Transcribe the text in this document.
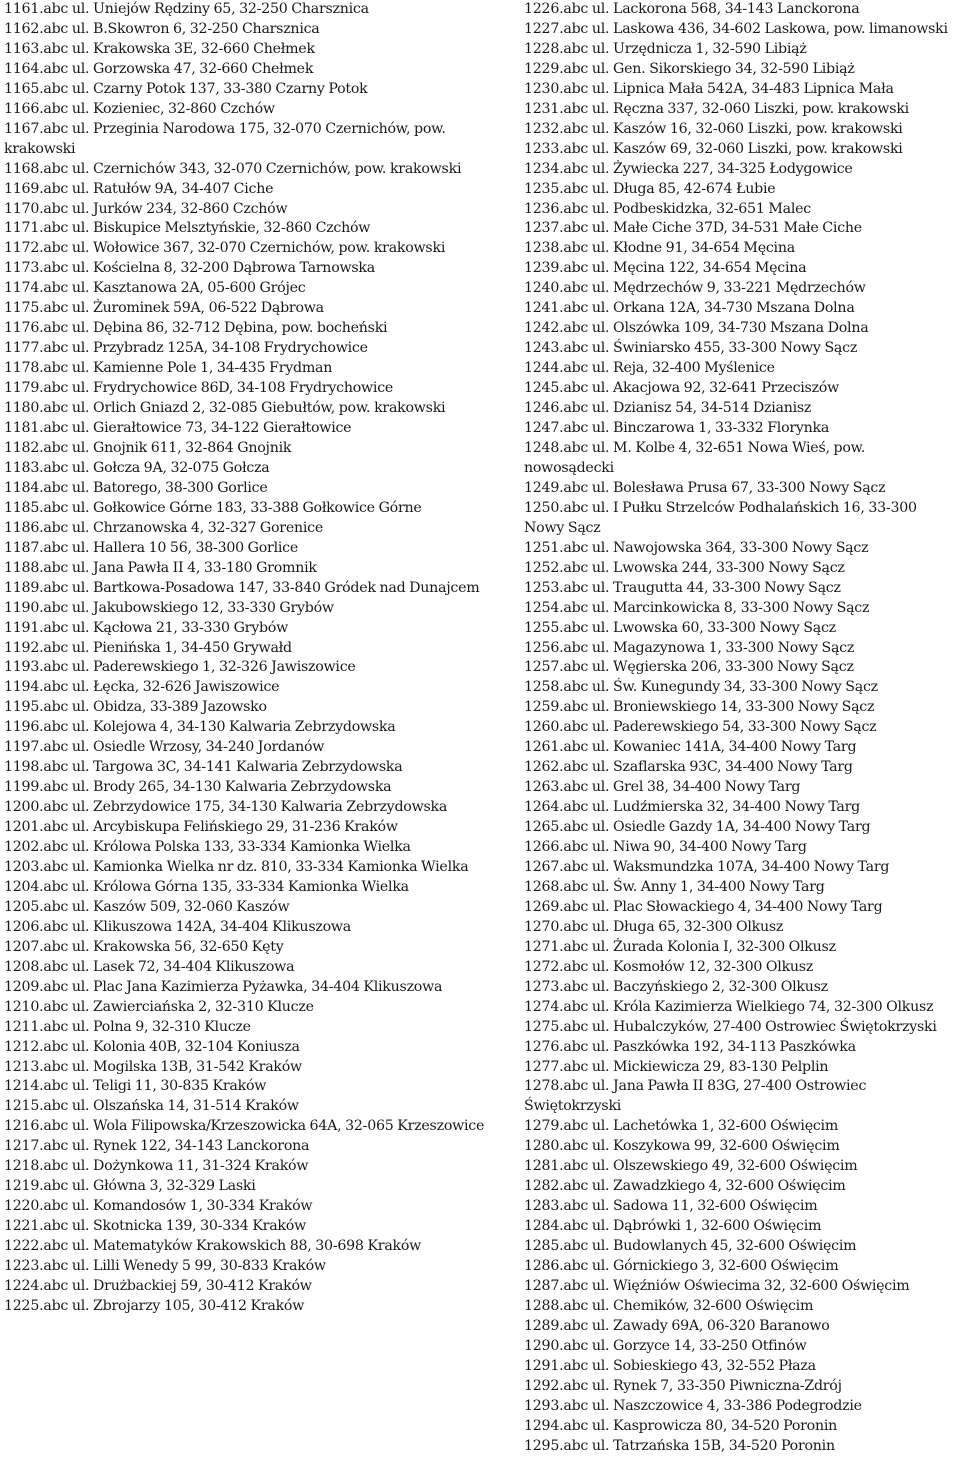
1161.abc ul. Uniejów Rędziny 65, 32-250 Charsznica
1162.abc ul. B.Skowron 6, 32-250 Charsznica
1163.abc ul. Krakowska 3E, 32-660 Chełmek
1164.abc ul. Gorzowska 47, 32-660 Chełmek
1165.abc ul. Czarny Potok 137, 33-380 Czarny Potok
1166.abc ul. Kozieniec, 32-860 Czchów
1167.abc ul. Przeginia Narodowa 175, 32-070 Czernichów, pow. krakowski
1168.abc ul. Czernichów 343, 32-070 Czernichów, pow. krakowski
1169.abc ul. Ratułów 9A, 34-407 Ciche
1170.abc ul. Jurków 234, 32-860 Czchów
1171.abc ul. Biskupice Melsztyńskie, 32-860 Czchów
1172.abc ul. Wołowice 367, 32-070 Czernichów, pow. krakowski
1173.abc ul. Kościelna 8, 32-200 Dąbrowa Tarnowska
1174.abc ul. Kasztanowa 2A, 05-600 Grójec
1175.abc ul. Żurominek 59A, 06-522 Dąbrowa
1176.abc ul. Dębina 86, 32-712 Dębina, pow. bocheński
1177.abc ul. Przybradz 125A, 34-108 Frydrychowice
1178.abc ul. Kamienne Pole 1, 34-435 Frydman
1179.abc ul. Frydrychowice 86D, 34-108 Frydrychowice
1180.abc ul. Orlich Gniazd 2, 32-085 Giebułtów, pow. krakowski
1181.abc ul. Gierałtowice 73, 34-122 Gierałtowice
1182.abc ul. Gnojnik 611, 32-864 Gnojnik
1183.abc ul. Gołcza 9A, 32-075 Gołcza
1184.abc ul. Batorego, 38-300 Gorlice
1185.abc ul. Gołkowice Górne 183, 33-388 Gołkowice Górne
1186.abc ul. Chrzanowska 4, 32-327 Gorenice
1187.abc ul. Hallera 10 56, 38-300 Gorlice
1188.abc ul. Jana Pawła II 4, 33-180 Gromnik
1189.abc ul. Bartkowa-Posadowa 147, 33-840 Gródek nad Dunajcem
1190.abc ul. Jakubowskiego 12, 33-330 Grybów
1191.abc ul. Kącłowa 21, 33-330 Grybów
1192.abc ul. Pienińska 1, 34-450 Grywałd
1193.abc ul. Paderewskiego 1, 32-326 Jawiszowice
1194.abc ul. Łęcka, 32-626 Jawiszowice
1195.abc ul. Obidza, 33-389 Jazowsko
1196.abc ul. Kolejowa 4, 34-130 Kalwaria Zebrzydowska
1197.abc ul. Osiedle Wrzosy, 34-240 Jordanów
1198.abc ul. Targowa 3C, 34-141 Kalwaria Zebrzydowska
1199.abc ul. Brody 265, 34-130 Kalwaria Zebrzydowska
1200.abc ul. Zebrzydowice 175, 34-130 Kalwaria Zebrzydowska
1201.abc ul. Arcybiskupa Felińskiego 29, 31-236 Kraków
1202.abc ul. Królowa Polska 133, 33-334 Kamionka Wielka
1203.abc ul. Kamionka Wielka nr dz. 810, 33-334 Kamionka Wielka
1204.abc ul. Królowa Górna 135, 33-334 Kamionka Wielka
1205.abc ul. Kaszów 509, 32-060 Kaszów
1206.abc ul. Klikuszowa 142A, 34-404 Klikuszowa
1207.abc ul. Krakowska 56, 32-650 Kęty
1208.abc ul. Lasek 72, 34-404 Klikuszowa
1209.abc ul. Plac Jana Kazimierza Pyżawka, 34-404 Klikuszowa
1210.abc ul. Zawierciańska 2, 32-310 Klucze
1211.abc ul. Polna 9, 32-310 Klucze
1212.abc ul. Kolonia 40B, 32-104 Koniusza
1213.abc ul. Mogilska 13B, 31-542 Kraków
1214.abc ul. Teligi 11, 30-835 Kraków
1215.abc ul. Olszańska 14, 31-514 Kraków
1216.abc ul. Wola Filipowska/Krzeszowicka 64A, 32-065 Krzeszowice
1217.abc ul. Rynek 122, 34-143 Lanckorona
1218.abc ul. Dożynkowa 11, 31-324 Kraków
1219.abc ul. Główna 3, 32-329 Laski
1220.abc ul. Komandosów 1, 30-334 Kraków
1221.abc ul. Skotnicka 139, 30-334 Kraków
1222.abc ul. Matematyków Krakowskich 88, 30-698 Kraków
1223.abc ul. Lilli Wenedy 5 99, 30-833 Kraków
1224.abc ul. Drużbackiej 59, 30-412 Kraków
1225.abc ul. Zbrojarzy 105, 30-412 Kraków
1226.abc ul. Lackorona 568, 34-143 Lanckorona
1227.abc ul. Laskowa 436, 34-602 Laskowa, pow. limanowski
1228.abc ul. Urzędnicza 1, 32-590 Libiąż
1229.abc ul. Gen. Sikorskiego 34, 32-590 Libiąż
1230.abc ul. Lipnica Mała 542A, 34-483 Lipnica Mała
1231.abc ul. Ręczna 337, 32-060 Liszki, pow. krakowski
1232.abc ul. Kaszów 16, 32-060 Liszki, pow. krakowski
1233.abc ul. Kaszów 69, 32-060 Liszki, pow. krakowski
1234.abc ul. Żywiecka 227, 34-325 Łodygowice
1235.abc ul. Długa 85, 42-674 Łubie
1236.abc ul. Podbeskidzka, 32-651 Malec
1237.abc ul. Małe Ciche 37D, 34-531 Małe Ciche
1238.abc ul. Kłodne 91, 34-654 Męcina
1239.abc ul. Męcina 122, 34-654 Męcina
1240.abc ul. Mędrzechów 9, 33-221 Mędrzechów
1241.abc ul. Orkana 12A, 34-730 Mszana Dolna
1242.abc ul. Olszówka 109, 34-730 Mszana Dolna
1243.abc ul. Świniarsko 455, 33-300 Nowy Sącz
1244.abc ul. Reja, 32-400 Myślenice
1245.abc ul. Akacjowa 92, 32-641 Przeciszów
1246.abc ul. Dzianisz 54, 34-514 Dzianisz
1247.abc ul. Binczarowa 1, 33-332 Florynka
1248.abc ul. M. Kolbe 4, 32-651 Nowa Wieś, pow. nowosądecki
1249.abc ul. Bolesława Prusa 67, 33-300 Nowy Sącz
1250.abc ul. I Pułku Strzelców Podhalańskich 16, 33-300 Nowy Sącz
1251.abc ul. Nawojowska 364, 33-300 Nowy Sącz
1252.abc ul. Lwowska 244, 33-300 Nowy Sącz
1253.abc ul. Traugutta 44, 33-300 Nowy Sącz
1254.abc ul. Marcinkowicka 8, 33-300 Nowy Sącz
1255.abc ul. Lwowska 60, 33-300 Nowy Sącz
1256.abc ul. Magazynowa 1, 33-300 Nowy Sącz
1257.abc ul. Węgierska 206, 33-300 Nowy Sącz
1258.abc ul. Św. Kunegundy 34, 33-300 Nowy Sącz
1259.abc ul. Broniewskiego 14, 33-300 Nowy Sącz
1260.abc ul. Paderewskiego 54, 33-300 Nowy Sącz
1261.abc ul. Kowaniec 141A, 34-400 Nowy Targ
1262.abc ul. Szaflarska 93C, 34-400 Nowy Targ
1263.abc ul. Grel 38, 34-400 Nowy Targ
1264.abc ul. Ludźmierska 32, 34-400 Nowy Targ
1265.abc ul. Osiedle Gazdy 1A, 34-400 Nowy Targ
1266.abc ul. Niwa 90, 34-400 Nowy Targ
1267.abc ul. Waksmundzka 107A, 34-400 Nowy Targ
1268.abc ul. Św. Anny 1, 34-400 Nowy Targ
1269.abc ul. Plac Słowackiego 4, 34-400 Nowy Targ
1270.abc ul. Długa 65, 32-300 Olkusz
1271.abc ul. Żurada Kolonia I, 32-300 Olkusz
1272.abc ul. Kosmołów 12, 32-300 Olkusz
1273.abc ul. Baczyńskiego 2, 32-300 Olkusz
1274.abc ul. Króla Kazimierza Wielkiego 74, 32-300 Olkusz
1275.abc ul. Hubalczyków, 27-400 Ostrowiec Świętokrzyski
1276.abc ul. Paszkówka 192, 34-113 Paszkówka
1277.abc ul. Mickiewicza 29, 83-130 Pelplin
1278.abc ul. Jana Pawła II 83G, 27-400 Ostrowiec Świętokrzyski
1279.abc ul. Lachetówka 1, 32-600 Oświęcim
1280.abc ul. Koszykowa 99, 32-600 Oświęcim
1281.abc ul. Olszewskiego 49, 32-600 Oświęcim
1282.abc ul. Zawadzkiego 4, 32-600 Oświęcim
1283.abc ul. Sadowa 11, 32-600 Oświęcim
1284.abc ul. Dąbrówki 1, 32-600 Oświęcim
1285.abc ul. Budowlanych 45, 32-600 Oświęcim
1286.abc ul. Górnickiego 3, 32-600 Oświęcim
1287.abc ul. Więźniów Oświecima 32, 32-600 Oświęcim
1288.abc ul. Chemików, 32-600 Oświęcim
1289.abc ul. Zawady 69A, 06-320 Baranowo
1290.abc ul. Gorzyce 14, 33-250 Otfinów
1291.abc ul. Sobieskiego 43, 32-552 Płaza
1292.abc ul. Rynek 7, 33-350 Piwniczna-Zdrój
1293.abc ul. Naszczowice 4, 33-386 Podegrodzie
1294.abc ul. Kasprowicza 80, 34-520 Poronin
1295.abc ul. Tatrzańska 15B, 34-520 Poronin
